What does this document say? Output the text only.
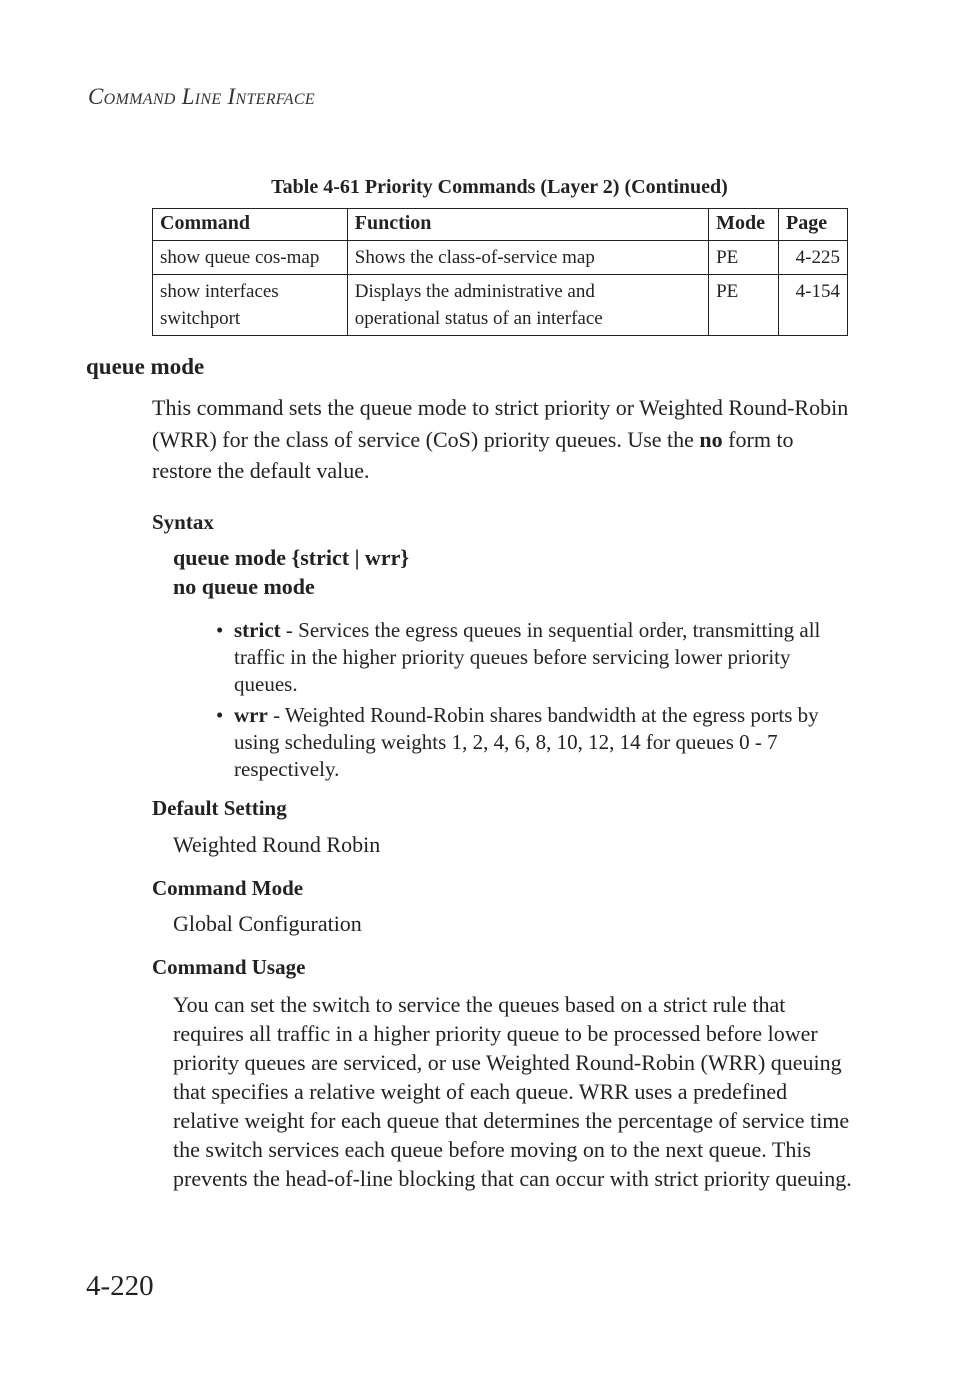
Command Line Interface
Table 4-61 Priority Commands (Layer 2) (Continued)
Command	Function	Mode	Page
show queue cos-map	Shows the class-of-service map	PE	4-225
show interfaces switchport	Displays the administrative and operational status of an interface	PE	4-154
queue mode
This command sets the queue mode to strict priority or Weighted Round-Robin (WRR) for the class of service (CoS) priority queues. Use the no form to restore the default value.
Syntax
queue mode {strict | wrr}
no queue mode
• strict - Services the egress queues in sequential order, transmitting all traffic in the higher priority queues before servicing lower priority queues.
• wrr - Weighted Round-Robin shares bandwidth at the egress ports by using scheduling weights 1, 2, 4, 6, 8, 10, 12, 14 for queues 0 - 7 respectively.
Default Setting
Weighted Round Robin
Command Mode
Global Configuration
Command Usage
You can set the switch to service the queues based on a strict rule that requires all traffic in a higher priority queue to be processed before lower priority queues are serviced, or use Weighted Round-Robin (WRR) queuing that specifies a relative weight of each queue. WRR uses a predefined relative weight for each queue that determines the percentage of service time the switch services each queue before moving on to the next queue. This prevents the head-of-line blocking that can occur with strict priority queuing.
4-220
